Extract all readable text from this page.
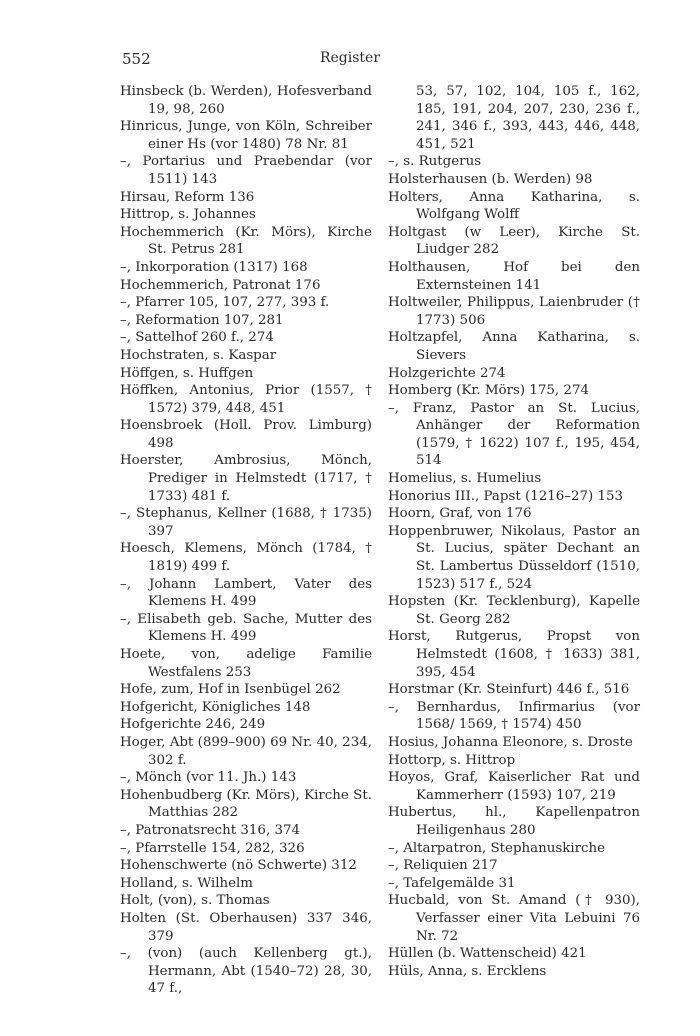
552	Register
Hinsbeck (b. Werden), Hofesverband 19, 98, 260
Hinricus, Junge, von Köln, Schreiber einer Hs (vor 1480) 78 Nr. 81
–, Portarius und Praebendar (vor 1511) 143
Hirsau, Reform 136
Hittrop, s. Johannes
Hochemmerich (Kr. Mörs), Kirche St. Petrus 281
–, Inkorporation (1317) 168
Hochemmerich, Patronat 176
–, Pfarrer 105, 107, 277, 393 f.
–, Reformation 107, 281
–, Sattelhof 260 f., 274
Hochstraten, s. Kaspar
Höffgen, s. Huffgen
Höffken, Antonius, Prior (1557, † 1572) 379, 448, 451
Hoensbroek (Holl. Prov. Limburg) 498
Hoerster, Ambrosius, Mönch, Prediger in Helmstedt (1717, † 1733) 481 f.
–, Stephanus, Kellner (1688, † 1735) 397
Hoesch, Klemens, Mönch (1784, † 1819) 499 f.
–, Johann Lambert, Vater des Klemens H. 499
–, Elisabeth geb. Sache, Mutter des Klemens H. 499
Hoete, von, adelige Familie Westfalens 253
Hofe, zum, Hof in Isenbügel 262
Hofgericht, Königliches 148
Hofgerichte 246, 249
Hoger, Abt (899–900) 69 Nr. 40, 234, 302 f.
–, Mönch (vor 11. Jh.) 143
Hohenbudberg (Kr. Mörs), Kirche St. Matthias 282
–, Patronatsrecht 316, 374
–, Pfarrstelle 154, 282, 326
Hohenschwerte (nö Schwerte) 312
Holland, s. Wilhelm
Holt, (von), s. Thomas
Holten (St. Oberhausen) 337 346, 379
–, (von) (auch Kellenberg gt.), Hermann, Abt (1540–72) 28, 30, 47 f.,
53, 57, 102, 104, 105 f., 162, 185, 191, 204, 207, 230, 236 f., 241, 346 f., 393, 443, 446, 448, 451, 521
–, s. Rutgerus
Holsterhausen (b. Werden) 98
Holters, Anna Katharina, s. Wolfgang Wolff
Holtgast (w Leer), Kirche St. Liudger 282
Holthausen, Hof bei den Externsteinen 141
Holtweiler, Philippus, Laienbruder († 1773) 506
Holtzapfel, Anna Katharina, s. Sievers
Holzgerichte 274
Homberg (Kr. Mörs) 175, 274
–, Franz, Pastor an St. Lucius, Anhänger der Reformation (1579, † 1622) 107 f., 195, 454, 514
Homelius, s. Humelius
Honorius III., Papst (1216–27) 153
Hoorn, Graf, von 176
Hoppenbruwer, Nikolaus, Pastor an St. Lucius, später Dechant an St. Lambertus Düsseldorf (1510, 1523) 517 f., 524
Hopsten (Kr. Tecklenburg), Kapelle St. Georg 282
Horst, Rutgerus, Propst von Helmstedt (1608, † 1633) 381, 395, 454
Horstmar (Kr. Steinfurt) 446 f., 516
–, Bernhardus, Infirmarius (vor 1568/ 1569, † 1574) 450
Hosius, Johanna Eleonore, s. Droste
Hottorp, s. Hittrop
Hoyos, Graf, Kaiserlicher Rat und Kammerherr (1593) 107, 219
Hubertus, hl., Kapellenpatron Heiligenhaus 280
–, Altarpatron, Stephanuskirche
–, Reliquien 217
–, Tafelgemälde 31
Hucbald, von St. Amand († 930), Verfasser einer Vita Lebuini 76 Nr. 72
Hüllen (b. Wattenscheid) 421
Hüls, Anna, s. Ercklens
